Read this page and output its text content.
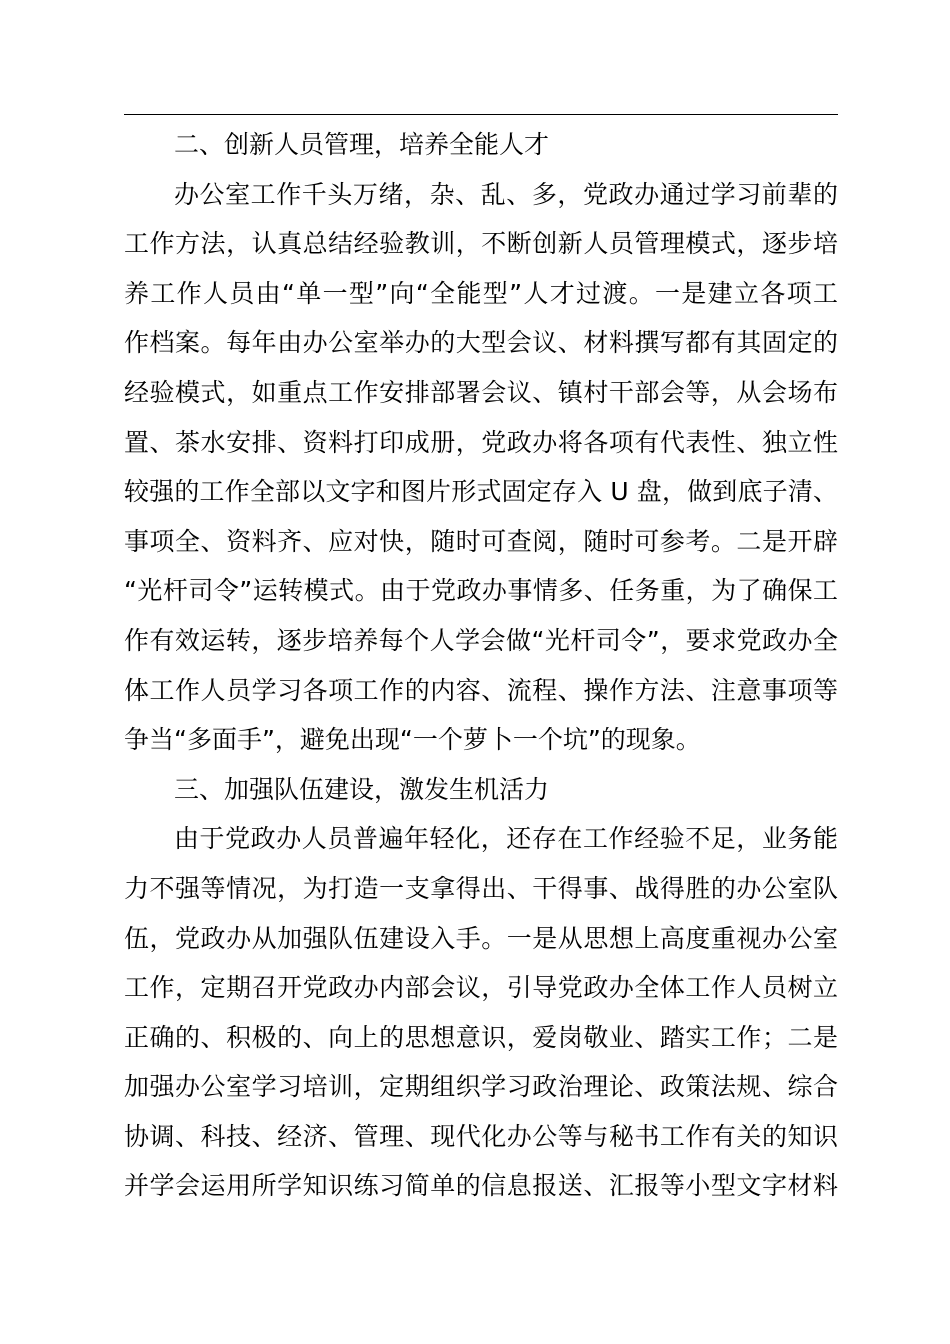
二、创新人员管理，培养全能人才
办公室工作千头万绪，杂、乱、多，党政办通过学习前辈的
工作方法，认真总结经验教训，不断创新人员管理模式，逐步培
养工作人员由“单一型”向“全能型”人才过渡。一是建立各项工
作档案。每年由办公室举办的大型会议、材料撰写都有其固定的
经验模式，如重点工作安排部署会议、镇村干部会等，从会场布
置、茶水安排、资料打印成册，党政办将各项有代表性、独立性
较强的工作全部以文字和图片形式固定存入 U 盘，做到底子清、
事项全、资料齐、应对快，随时可查阅，随时可参考。二是开辟
“光杆司令”运转模式。由于党政办事情多、任务重，为了确保工
作有效运转，逐步培养每个人学会做“光杆司令”，要求党政办全
体工作人员学习各项工作的内容、流程、操作方法、注意事项等
争当“多面手”，避免出现“一个萝卜一个坑”的现象。
三、加强队伍建设，激发生机活力
由于党政办人员普遍年轻化，还存在工作经验不足，业务能
力不强等情况，为打造一支拿得出、干得事、战得胜的办公室队
伍，党政办从加强队伍建设入手。一是从思想上高度重视办公室
工作，定期召开党政办内部会议，引导党政办全体工作人员树立
正确的、积极的、向上的思想意识，爱岗敬业、踏实工作；二是
加强办公室学习培训，定期组织学习政治理论、政策法规、综合
协调、科技、经济、管理、现代化办公等与秘书工作有关的知识
并学会运用所学知识练习简单的信息报送、汇报等小型文字材料
